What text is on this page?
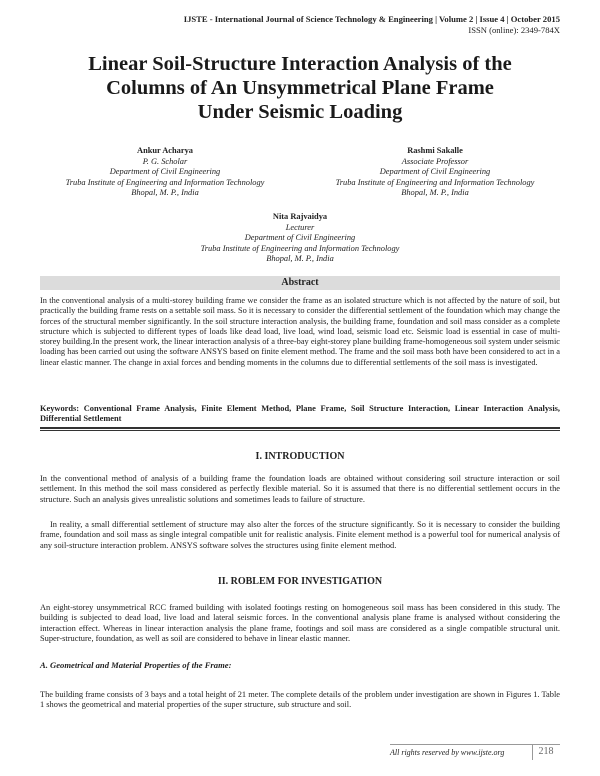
IJSTE - International Journal of Science Technology & Engineering | Volume 2 | Issue 4 | October 2015
ISSN (online): 2349-784X
Linear Soil-Structure Interaction Analysis of the
Columns of An Unsymmetrical Plane Frame
Under Seismic Loading
Ankur Acharya
P. G. Scholar
Department of Civil Engineering
Truba Institute of Engineering and Information Technology
Bhopal, M. P., India
Rashmi Sakalle
Associate Professor
Department of Civil Engineering
Truba Institute of Engineering and Information Technology
Bhopal, M. P., India
Nita Rajvaidya
Lecturer
Department of Civil Engineering
Truba Institute of Engineering and Information Technology
Bhopal, M. P., India
Abstract
In the conventional analysis of a multi-storey building frame we consider the frame as an isolated structure which is not affected by the nature of soil, but practically the building frame rests on a settable soil mass. So it is necessary to consider the differential settlement of the foundation which may change the forces of the structural member significantly. In the soil structure interaction analysis, the building frame, foundation and soil mass consider as a complete structure which is subjected to different types of loads like dead load, live load, wind load, seismic load etc. Seismic load is essential in case of multi-storey building.In the present work, the linear interaction analysis of a three-bay eight-storey plane building frame-homogeneous soil system under seismic loading has been carried out using the software ANSYS based on finite element method. The frame and the soil mass both have been considered to act in a linear elastic manner. The change in axial forces and bending moments in the columns due to differential settlements of the soil mass is investigated.
Keywords: Conventional Frame Analysis, Finite Element Method, Plane Frame, Soil Structure Interaction, Linear Interaction Analysis, Differential Settlement
I. INTRODUCTION
In the conventional method of analysis of a building frame the foundation loads are obtained without considering soil structure interaction or soil settlement. In this method the soil mass considered as perfectly flexible material. So it is assumed that there is no differential settlement occurs in the structure. Such an analysis gives unrealistic solutions and sometimes leads to failure of structure.
In reality, a small differential settlement of structure may also alter the forces of the structure significantly. So it is necessary to consider the building frame, foundation and soil mass as single integral compatible unit for realistic analysis. Finite element method is a powerful tool for numerical analysis of any soil-structure interaction problem. ANSYS software solves the structures using finite element method.
II. ROBLEM FOR INVESTIGATION
An eight-storey unsymmetrical RCC framed building with isolated footings resting on homogeneous soil mass has been considered in this study. The building is subjected to dead load, live load and lateral seismic forces. In the conventional analysis plane frame is analysed without considering the interaction effect. Whereas in linear interaction analysis the plane frame, footings and soil mass are considered as a single compatible structural unit. Super-structure, foundation, as well as soil are considered to behave in linear elastic manner.
A. Geometrical and Material Properties of the Frame:
The building frame consists of 3 bays and a total height of 21 meter. The complete details of the problem under investigation are shown in Figures 1. Table 1 shows the geometrical and material properties of the super structure, sub structure and soil.
All rights reserved by www.ijste.org	218
